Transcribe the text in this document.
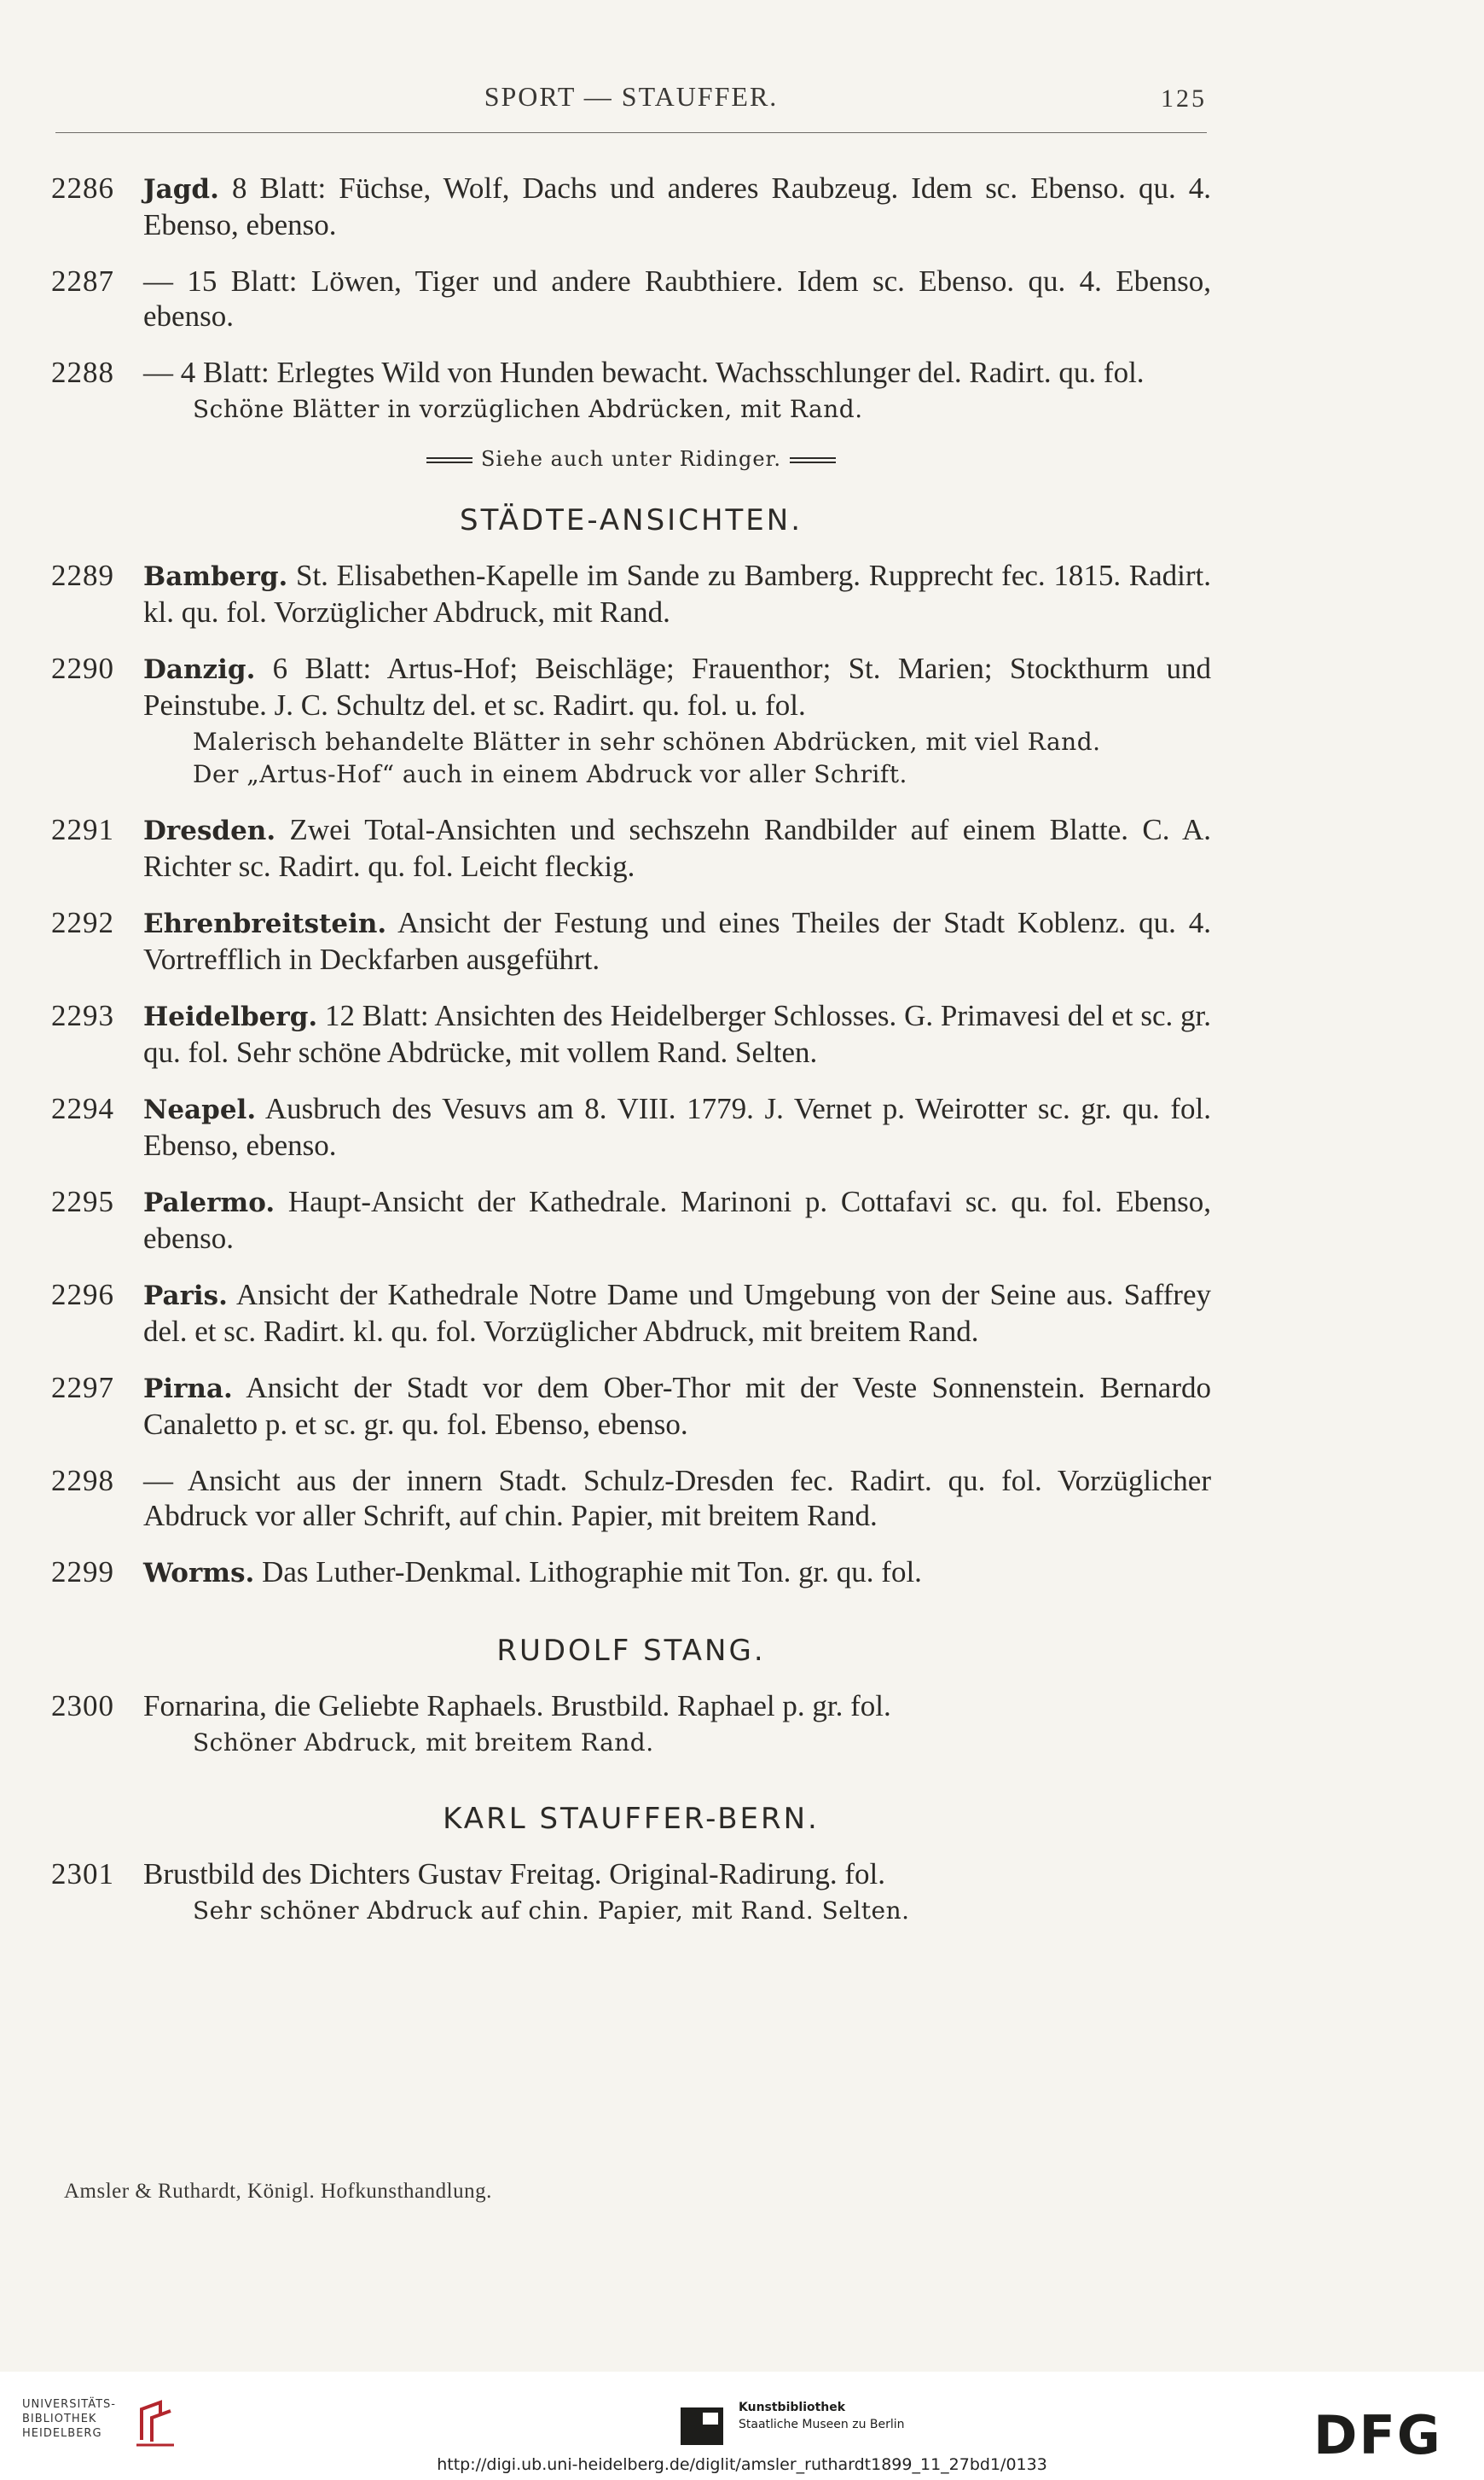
SPORT — STAUFFER.	125
2286	Jagd. 8 Blatt: Füchse, Wolf, Dachs und anderes Raubzeug. Idem sc. Ebenso. qu. 4. Ebenso, ebenso.
2287 — 15 Blatt: Löwen, Tiger und andere Raubthiere. Idem sc. Ebenso. qu. 4. Ebenso, ebenso.
2288 — 4 Blatt: Erlegtes Wild von Hunden bewacht. Wachsschlunger del. Radirt. qu. fol.
Schöne Blätter in vorzüglichen Abdrücken, mit Rand.
Siehe auch unter Ridinger.
STÄDTE-ANSICHTEN.
2289	Bamberg. St. Elisabethen-Kapelle im Sande zu Bamberg. Rupprecht fec. 1815. Radirt. kl. qu. fol. Vorzüglicher Abdruck, mit Rand.
2290	Danzig. 6 Blatt: Artus-Hof; Beischläge; Frauenthor; St. Marien; Stockthurm und Peinstube. J. C. Schultz del. et sc. Radirt. qu. fol. u. fol.
Malerisch behandelte Blätter in sehr schönen Abdrücken, mit viel Rand.
Der „Artus-Hof“ auch in einem Abdruck vor aller Schrift.
2291	Dresden. Zwei Total-Ansichten und sechszehn Randbilder auf einem Blatte. C. A. Richter sc. Radirt. qu. fol. Leicht fleckig.
2292	Ehrenbreitstein. Ansicht der Festung und eines Theiles der Stadt Koblenz. qu. 4. Vortrefflich in Deckfarben ausgeführt.
2293	Heidelberg. 12 Blatt: Ansichten des Heidelberger Schlosses. G. Primavesi del et sc. gr. qu. fol. Sehr schöne Abdrücke, mit vollem Rand. Selten.
2294	Neapel. Ausbruch des Vesuvs am 8. VIII. 1779. J. Vernet p. Weirotter sc. gr. qu. fol. Ebenso, ebenso.
2295	Palermo. Haupt-Ansicht der Kathedrale. Marinoni p. Cottafavi sc. qu. fol. Ebenso, ebenso.
2296	Paris. Ansicht der Kathedrale Notre Dame und Umgebung von der Seine aus. Saffrey del. et sc. Radirt. kl. qu. fol. Vorzüglicher Abdruck, mit breitem Rand.
2297	Pirna. Ansicht der Stadt vor dem Ober-Thor mit der Veste Sonnenstein. Bernardo Canaletto p. et sc. gr. qu. fol. Ebenso, ebenso.
2298 — Ansicht aus der innern Stadt. Schulz-Dresden fec. Radirt. qu. fol. Vorzüglicher Abdruck vor aller Schrift, auf chin. Papier, mit breitem Rand.
2299	Worms. Das Luther-Denkmal. Lithographie mit Ton. gr. qu. fol.
RUDOLF STANG.
2300 Fornarina, die Geliebte Raphaels. Brustbild. Raphael p. gr. fol.
Schöner Abdruck, mit breitem Rand.
KARL STAUFFER-BERN.
2301 Brustbild des Dichters Gustav Freitag. Original-Radirung. fol.
Sehr schöner Abdruck auf chin. Papier, mit Rand. Selten.
Amsler & Ruthardt, Königl. Hofkunsthandlung.
UNIVERSITÄTS-
BIBLIOTHEK
HEIDELBERG
Kunstbibliothek
Staatliche Museen zu Berlin	DFG
http://digi.ub.uni-heidelberg.de/diglit/amsler_ruthardt1899_11_27bd1/0133
